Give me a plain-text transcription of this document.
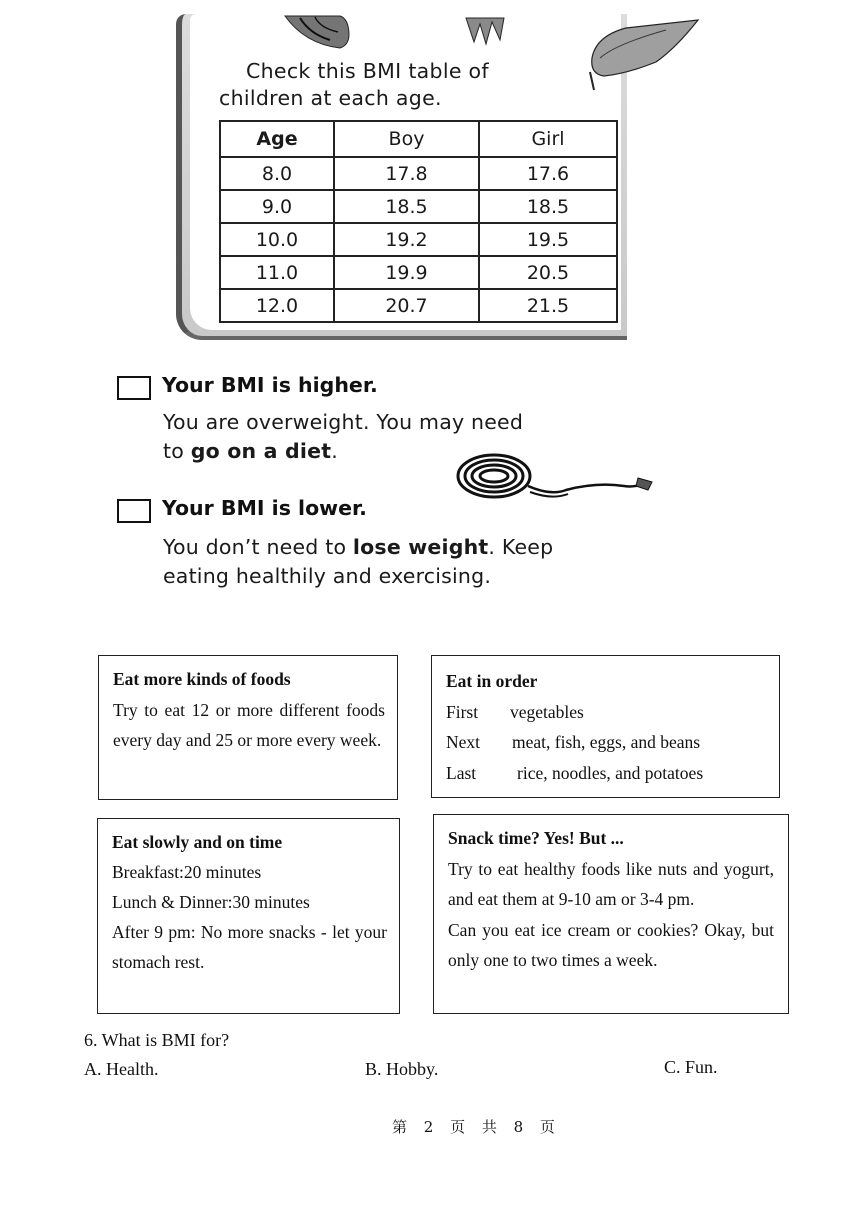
Check this BMI table of
children at each age.
Age	Boy	Girl
8.0	17.8	17.6
9.0	18.5	18.5
10.0	19.2	19.5
11.0	19.9	20.5
12.0	20.7	21.5
Your BMI is higher.
You are overweight. You may need
to go on a diet.
Your BMI is lower.
You don’t need to lose weight. Keep
eating healthily and exercising.
Eat more kinds of foods
Try to eat 12 or more different foods every day and 25 or more every week.
Eat in order
First	vegetables
Next	meat, fish, eggs, and beans
Last	rice, noodles, and potatoes
Eat slowly and on time
Breakfast:20 minutes
Lunch & Dinner:30 minutes
After 9 pm: No more snacks - let your stomach rest.
Snack time? Yes! But ...
Try to eat healthy foods like nuts and yogurt, and eat them at 9-10 am or 3-4 pm.
Can you eat ice cream or cookies? Okay, but only one to two times a week.
6. What is BMI for?
A. Health.	B. Hobby.	C. Fun.
第 2 页 共 8 页
